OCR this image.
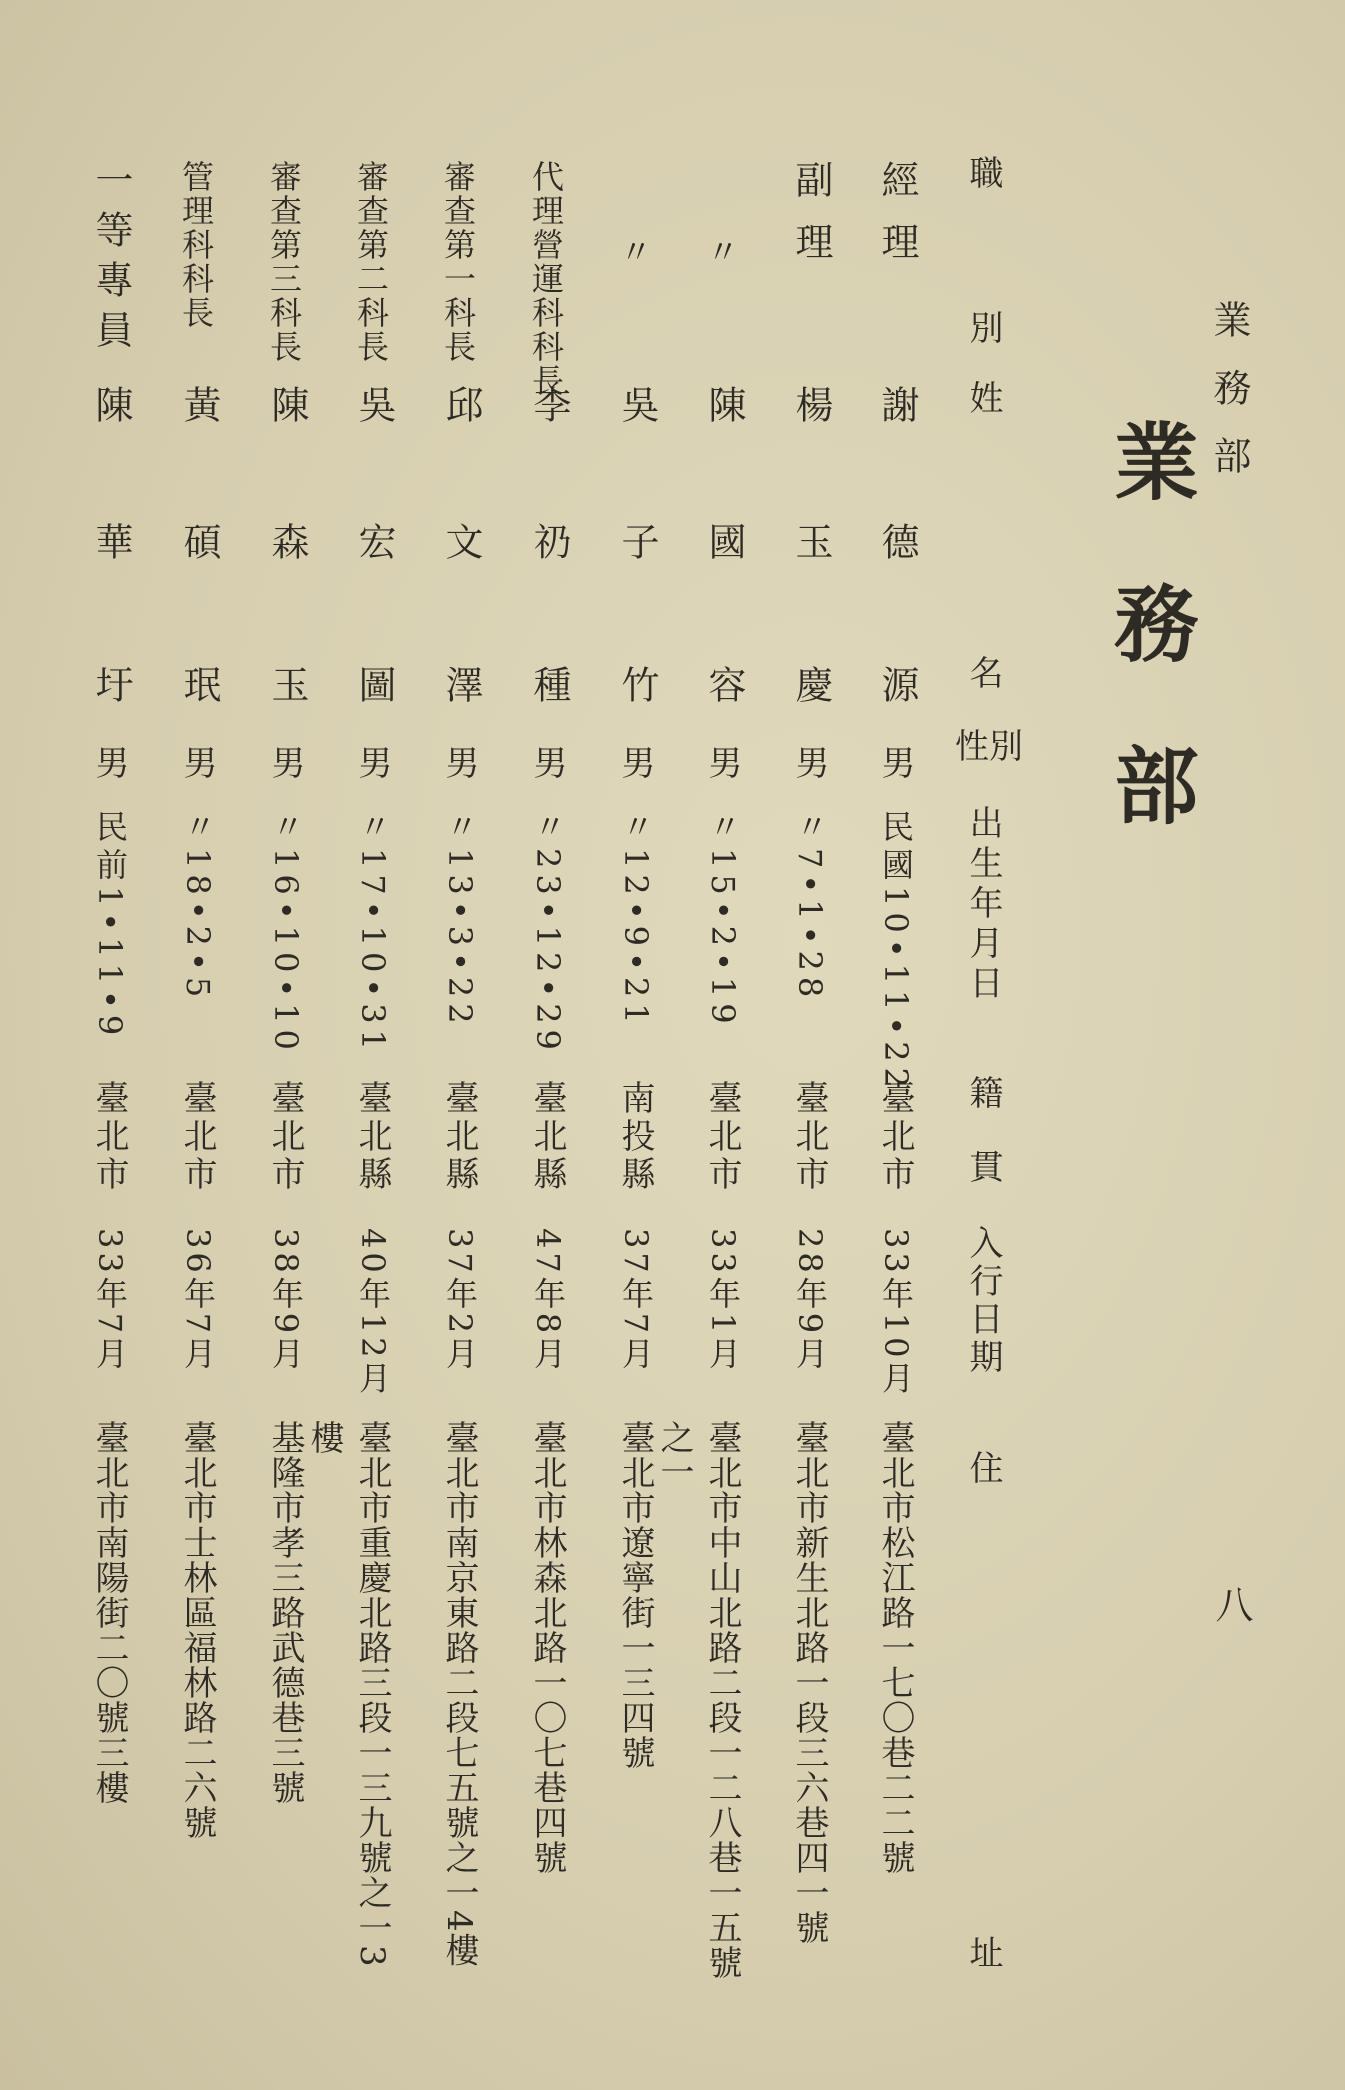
業務部
八
業務部
職
別
姓
名
性別
出生年月日
籍貫
入行日期
住
址
經理
謝
德
源
男
民國10•11•22
臺北市
33年10月
臺北市松江路一七〇巷二二號
副理
楊
玉
慶
男
〃7•1•28
臺北市
28年9月
臺北市新生北路一段三六巷四一號
〃
陳
國
容
男
〃15•2•19
臺北市
33年1月
臺北市中山北路二段一二八巷一五號
之一
〃
吳
子
竹
男
〃12•9•21
南投縣
37年7月
臺北市遼寧街一三四號
代理營運科科長
李
礽
種
男
〃23•12•29
臺北縣
47年8月
臺北市林森北路一〇七巷四號
審查第一科長
邱
文
澤
男
〃13•3•22
臺北縣
37年2月
臺北市南京東路二段七五號之一4樓
審查第二科長
吳
宏
圖
男
〃17•10•31
臺北縣
40年12月
臺北市重慶北路三段一三九號之一3
樓
審查第三科長
陳
森
玉
男
〃16•10•10
臺北市
38年9月
基隆市孝三路武德巷三號
管理科科長
黃
碩
珉
男
〃18•2•5
臺北市
36年7月
臺北市士林區福林路二六號
一等專員
陳
華
圩
男
民前1•11•9
臺北市
33年7月
臺北市南陽街二〇號三樓
